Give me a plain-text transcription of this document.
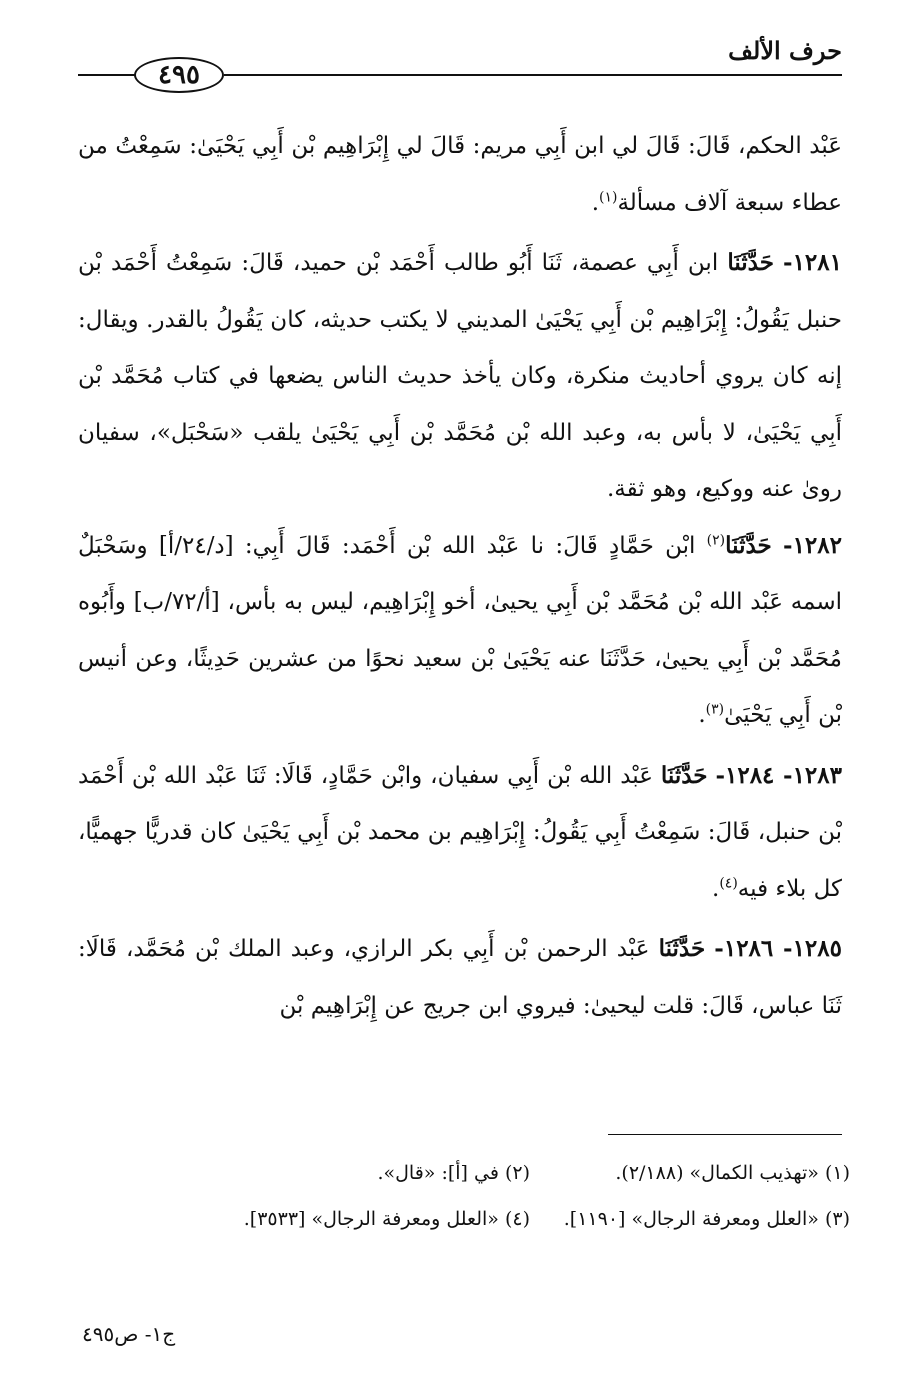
حرف الألف
٤٩٥

عَبْد الحكم، قَالَ: قَالَ لي ابن أَبِي مريم: قَالَ لي إِبْرَاهِيم بْن أَبِي يَحْيَىٰ: سَمِعْتُ من عطاء سبعة آلاف مسألة$^{(١)}$.

١٢٨١- حَدَّثَنَا ابن أَبِي عصمة، ثَنَا أَبُو طالب أَحْمَد بْن حميد، قَالَ: سَمِعْتُ أَحْمَد بْن حنبل يَقُولُ: إِبْرَاهِيم بْن أَبِي يَحْيَىٰ المديني لا يكتب حديثه، كان يَقُولُ بالقدر. ويقال: إنه كان يروي أحاديث منكرة، وكان يأخذ حديث الناس يضعها في كتاب مُحَمَّد بْن أَبِي يَحْيَىٰ، لا بأس به، وعبد الله بْن مُحَمَّد بْن أَبِي يَحْيَىٰ يلقب «سَحْبَل»، سفيان روىٰ عنه ووكيع، وهو ثقة.

١٢٨٢- حَدَّثَنَا$^{(٢)}$ ابْن حَمَّادٍ قَالَ: نا عَبْد الله بْن أَحْمَد: قَالَ أَبِي: [د/٢٤/أ] وسَحْبَلٌ اسمه عَبْد الله بْن مُحَمَّد بْن أَبِي يحيىٰ، أخو إِبْرَاهِيم، ليس به بأس، [أ/٧٢/ب] وأَبُوه مُحَمَّد بْن أَبِي يحيىٰ، حَدَّثَنَا عنه يَحْيَىٰ بْن سعيد نحوًا من عشرين حَدِيثًا، وعن أنيس بْن أَبِي يَحْيَىٰ$^{(٣)}$.

١٢٨٣- ١٢٨٤- حَدَّثَنَا عَبْد الله بْن أَبِي سفيان، وابْن حَمَّادٍ، قَالَا: ثَنَا عَبْد الله بْن أَحْمَد بْن حنبل، قَالَ: سَمِعْتُ أَبِي يَقُولُ: إِبْرَاهِيم بن محمد بْن أَبِي يَحْيَىٰ كان قدريًّا جهميًّا، كل بلاء فيه$^{(٤)}$.

١٢٨٥- ١٢٨٦- حَدَّثَنَا عَبْد الرحمن بْن أَبِي بكر الرازي، وعبد الملك بْن مُحَمَّد، قَالَا: ثَنَا عباس، قَالَ: قلت ليحيىٰ: فيروي ابن جريج عن إِبْرَاهِيم بْن

(١) «تهذيب الكمال» (٢/١٨٨).
(٢) في [أ]: «قال».
(٣) «العلل ومعرفة الرجال» [١١٩٠].
(٤) «العلل ومعرفة الرجال» [٣٥٣٣].
ج١- ص٤٩٥
